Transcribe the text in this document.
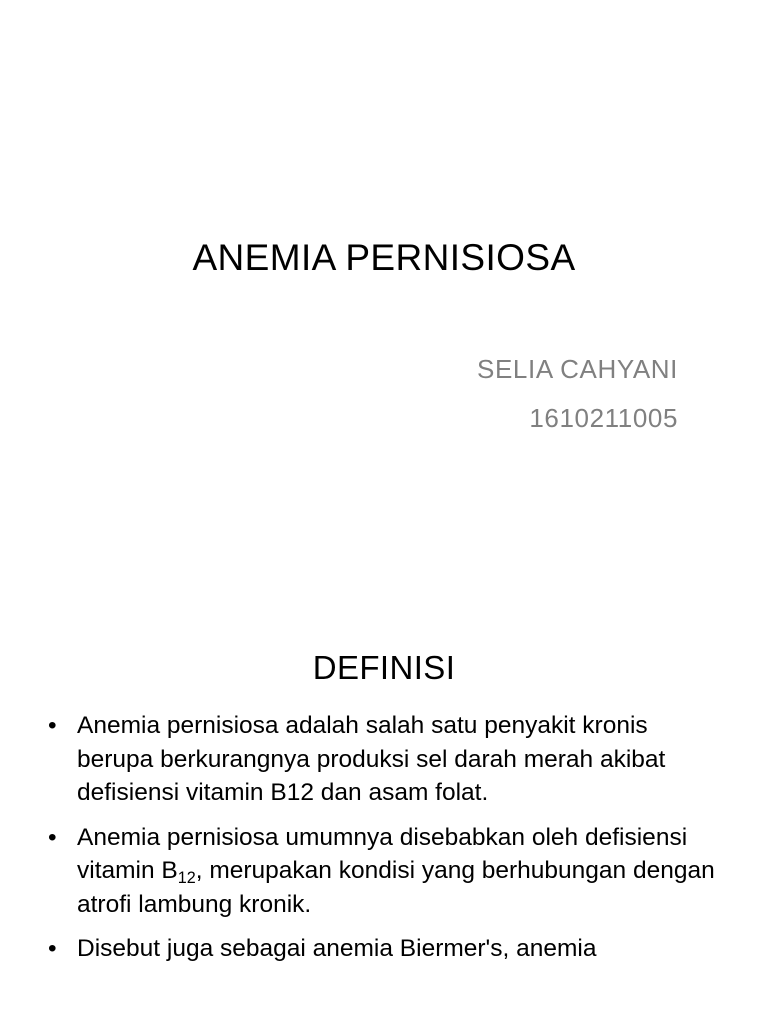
ANEMIA PERNISIOSA
SELIA CAHYANI
1610211005
DEFINISI
• Anemia pernisiosa adalah salah satu penyakit kronis berupa berkurangnya produksi sel darah merah akibat defisiensi vitamin B12 dan asam folat.
• Anemia pernisiosa umumnya disebabkan oleh defisiensi vitamin $B_{12}$, merupakan kondisi yang berhubungan dengan atrofi lambung kronik.
• Disebut juga sebagai anemia Biermer's, anemia
